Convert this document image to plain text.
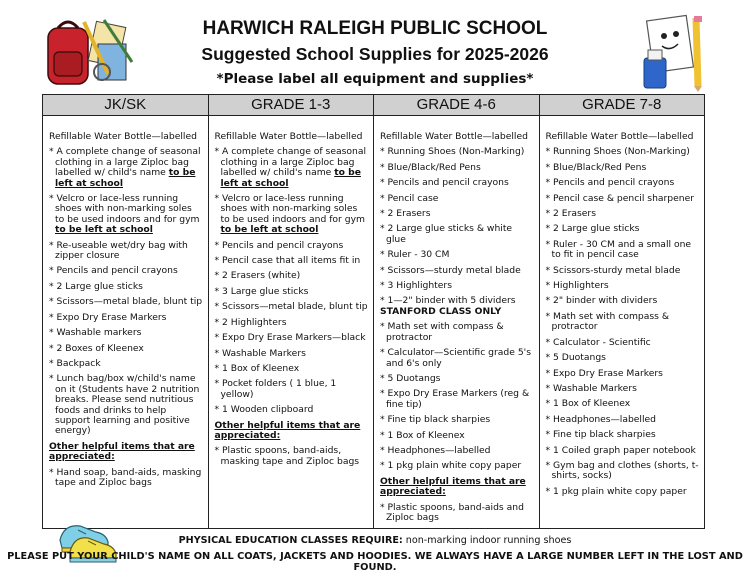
HARWICH RALEIGH PUBLIC SCHOOL
Suggested School Supplies for 2025-2026
*Please label all equipment and supplies*
JK/SK
Refillable Water Bottle—labelled
* A complete change of seasonal clothing in a large Ziploc bag labelled w/ child's name to be left at school
* Velcro or lace-less running shoes with non-marking soles to be used indoors and for gym to be left at school
* Re-useable wet/dry bag with zipper closure
* Pencils and pencil crayons
* 2 Large glue sticks
* Scissors—metal blade, blunt tip
* Expo Dry Erase Markers
* Washable markers
* 2 Boxes of Kleenex
* Backpack
* Lunch bag/box w/child's name on it (Students have 2 nutrition breaks. Please send nutritious foods and drinks to help support learning and positive energy)
Other helpful items that are appreciated:
* Hand soap, band-aids, masking tape and Ziploc bags
GRADE 1-3
Refillable Water Bottle—labelled
* A complete change of seasonal clothing in a large Ziploc bag labelled w/ child's name to be left at school
* Velcro or lace-less running shoes with non-marking soles to be used indoors and for gym to be left at school
* Pencils and pencil crayons
* Pencil case that all items fit in
* 2 Erasers (white)
* 3 Large glue sticks
* Scissors—metal blade, blunt tip
* 2 Highlighters
* Expo Dry Erase Markers—black
* Washable Markers
* 1 Box of Kleenex
* Pocket folders ( 1 blue, 1 yellow)
* 1 Wooden clipboard
Other helpful items that are appreciated:
* Plastic spoons, band-aids, masking tape and Ziploc bags
GRADE 4-6
Refillable Water Bottle—labelled
* Running Shoes (Non-Marking)
* Blue/Black/Red Pens
* Pencils and pencil crayons
* Pencil case
* 2 Erasers
* 2 Large glue sticks & white glue
* Ruler - 30 CM
* Scissors—sturdy metal blade
* 3 Highlighters
* 1—2" binder with 5 dividers
STANFORD CLASS ONLY
* Math set with compass & protractor
* Calculator—Scientific grade 5's and 6's only
* 5 Duotangs
* Expo Dry Erase Markers (reg & fine tip)
* Fine tip black sharpies
* 1 Box of Kleenex
* Headphones—labelled
* 1 pkg plain white copy paper
Other helpful items that are appreciated:
* Plastic spoons, band-aids and Ziploc bags
GRADE 7-8
Refillable Water Bottle—labelled
* Running Shoes (Non-Marking)
* Blue/Black/Red Pens
* Pencils and pencil crayons
* Pencil case & pencil sharpener
* 2 Erasers
* 2 Large glue sticks
* Ruler - 30 CM and a small one to fit in pencil case
* Scissors-sturdy metal blade
* Highlighters
* 2" binder with dividers
* Math set with compass & protractor
* Calculator - Scientific
* 5 Duotangs
* Expo Dry Erase Markers
* Washable Markers
* 1 Box of Kleenex
* Headphones—labelled
* Fine tip black sharpies
* 1 Coiled graph paper notebook
* Gym bag and clothes (shorts, t-shirts, socks)
* 1 pkg plain white copy paper
PHYSICAL EDUCATION CLASSES REQUIRE: non-marking indoor running shoes
PLEASE PUT YOUR CHILD'S NAME ON ALL COATS, JACKETS AND HOODIES. WE ALWAYS HAVE A LARGE NUMBER LEFT IN THE LOST AND FOUND.
